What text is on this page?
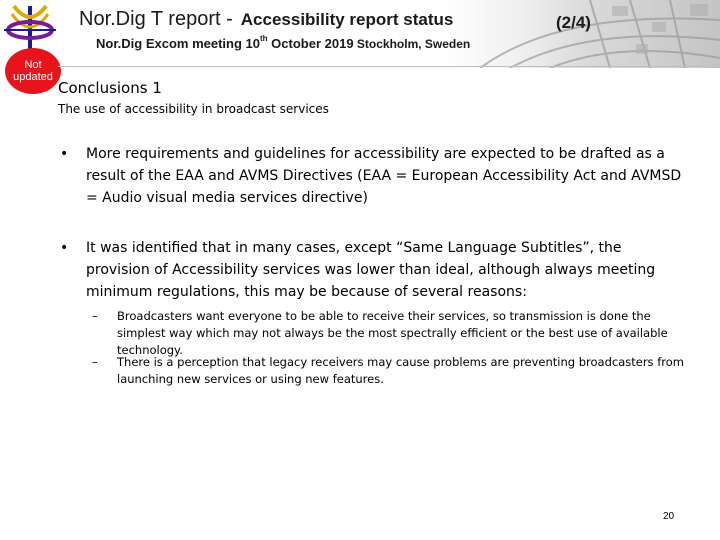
Not
updated
Nor.Dig T report - Accessibility report status	(2/4)
Nor.Dig Excom meeting 10th October 2019 Stockholm, Sweden
Conclusions 1
The use of accessibility in broadcast services
• More requirements and guidelines for accessibility are expected to be drafted as a result of the EAA and AVMS Directives (EAA = European Accessibility Act and AVMSD = Audio visual media services directive)
• It was identified that in many cases, except “Same Language Subtitles”, the provision of Accessibility services was lower than ideal, although always meeting minimum regulations, this may be because of several reasons:
– Broadcasters want everyone to be able to receive their services, so transmission is done the simplest way which may not always be the most spectrally efficient or the best use of available technology.
– There is a perception that legacy receivers may cause problems are preventing broadcasters from launching new services or using new features.
20
